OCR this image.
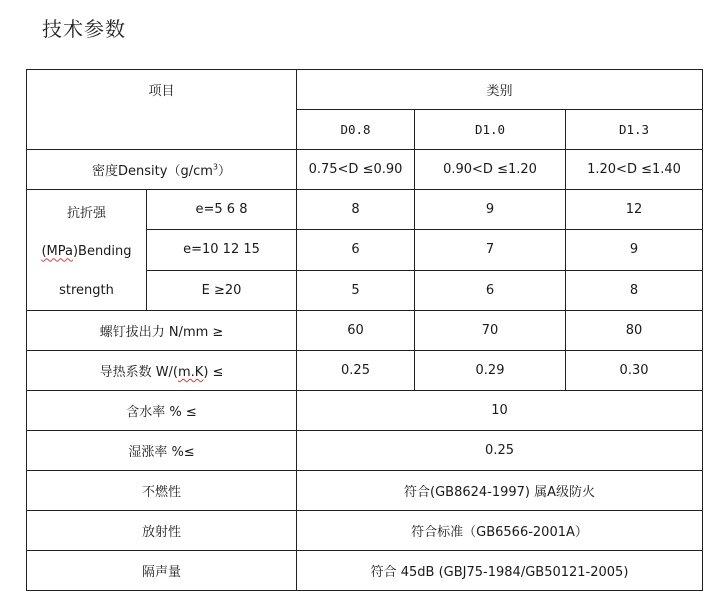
技术参数
项目		类别		
		D0.8	D1.0	D1.3
密度$Density(g/cm^3)$		0.75<D ≤0.90	0.90<D ≤1.20	1.20<D ≤1.40

抗折强
(MPa)Bending
strength	e=5 6 8	8	9	12
	e=10 12 15	6	7	9
	E ≥20	5	6	8
螺钉拔出力 N/mm ≥		60	70	80
导热系数 W/(m.K) ≤		0.25	0.29	0.30
含水率 % ≤		10		
湿涨率 %≤		0.25		
不燃性		符合(GB8624-1997) 属A级防火		
放射性		符合标准（GB6566-2001A）		
隔声量		符合 45dB (GBJ75-1984/GB50121-2005)		
